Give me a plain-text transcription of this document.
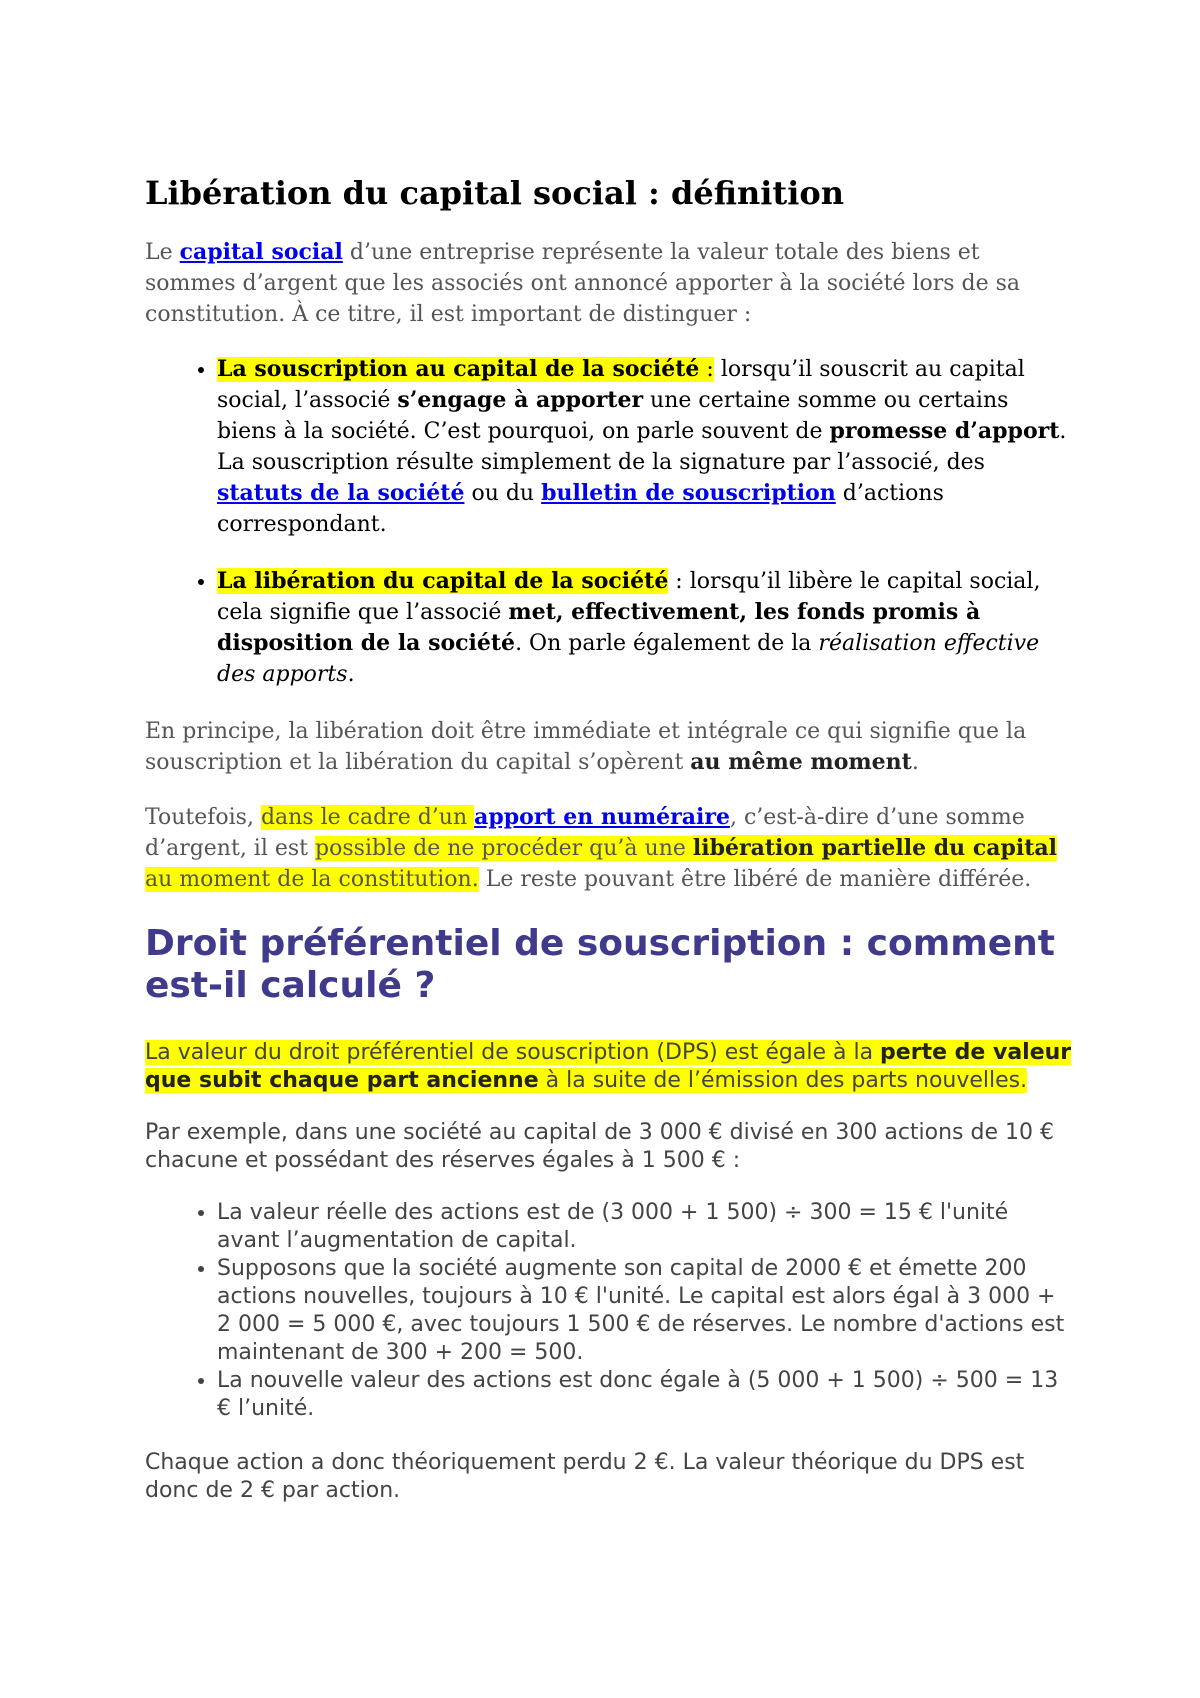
Libération du capital social : définition

Le capital social d’une entreprise représente la valeur totale des biens et sommes d’argent que les associés ont annoncé apporter à la société lors de sa constitution. À ce titre, il est important de distinguer :

• La souscription au capital de la société : lorsqu’il souscrit au capital social, l’associé s’engage à apporter une certaine somme ou certains biens à la société. C’est pourquoi, on parle souvent de promesse d’apport. La souscription résulte simplement de la signature par l’associé, des statuts de la société ou du bulletin de souscription d’actions correspondant.
• La libération du capital de la société : lorsqu’il libère le capital social, cela signifie que l’associé met, effectivement, les fonds promis à disposition de la société. On parle également de la réalisation effective des apports.

En principe, la libération doit être immédiate et intégrale ce qui signifie que la souscription et la libération du capital s’opèrent au même moment.

Toutefois, dans le cadre d’un apport en numéraire, c’est-à-dire d’une somme d’argent, il est possible de ne procéder qu’à une libération partielle du capital au moment de la constitution. Le reste pouvant être libéré de manière différée.

Droit préférentiel de souscription : comment est-il calculé ?

La valeur du droit préférentiel de souscription (DPS) est égale à la perte de valeur que subit chaque part ancienne à la suite de l’émission des parts nouvelles.

Par exemple, dans une société au capital de 3 000 € divisé en 300 actions de 10 € chacune et possédant des réserves égales à 1 500 € :

• La valeur réelle des actions est de (3 000 + 1 500) ÷ 300 = 15 € l'unité avant l’augmentation de capital.
• Supposons que la société augmente son capital de 2000 € et émette 200 actions nouvelles, toujours à 10 € l'unité. Le capital est alors égal à 3 000 + 2 000 = 5 000 €, avec toujours 1 500 € de réserves. Le nombre d'actions est maintenant de 300 + 200 = 500.
• La nouvelle valeur des actions est donc égale à (5 000 + 1 500) ÷ 500 = 13 € l’unité.

Chaque action a donc théoriquement perdu 2 €. La valeur théorique du DPS est donc de 2 € par action.
